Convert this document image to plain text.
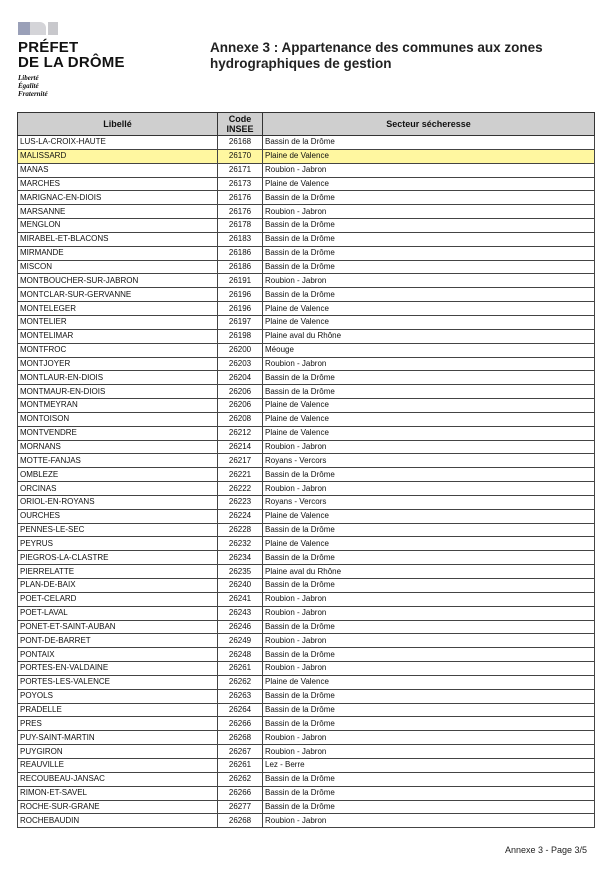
PRÉFET
DE LA DRÔME
Liberté
Égalité
Fraternité
Annexe 3 : Appartenance des communes aux zones
hydrographiques de gestion
Libellé	Code INSEE	Secteur sécheresse
LUS-LA-CROIX-HAUTE	26168	Bassin de la Drôme
MALISSARD	26170	Plaine de Valence
MANAS	26171	Roubion - Jabron
MARCHES	26173	Plaine de Valence
MARIGNAC-EN-DIOIS	26176	Bassin de la Drôme
MARSANNE	26176	Roubion - Jabron
MENGLON	26178	Bassin de la Drôme
MIRABEL-ET-BLACONS	26183	Bassin de la Drôme
MIRMANDE	26186	Bassin de la Drôme
MISCON	26186	Bassin de la Drôme
MONTBOUCHER-SUR-JABRON	26191	Roubion - Jabron
MONTCLAR-SUR-GERVANNE	26196	Bassin de la Drôme
MONTELEGER	26196	Plaine de Valence
MONTELIER	26197	Plaine de Valence
MONTELIMAR	26198	Plaine aval du Rhône
MONTFROC	26200	Méouge
MONTJOYER	26203	Roubion - Jabron
MONTLAUR-EN-DIOIS	26204	Bassin de la Drôme
MONTMAUR-EN-DIOIS	26206	Bassin de la Drôme
MONTMEYRAN	26206	Plaine de Valence
MONTOISON	26208	Plaine de Valence
MONTVENDRE	26212	Plaine de Valence
MORNANS	26214	Roubion - Jabron
MOTTE-FANJAS	26217	Royans - Vercors
OMBLEZE	26221	Bassin de la Drôme
ORCINAS	26222	Roubion - Jabron
ORIOL-EN-ROYANS	26223	Royans - Vercors
OURCHES	26224	Plaine de Valence
PENNES-LE-SEC	26228	Bassin de la Drôme
PEYRUS	26232	Plaine de Valence
PIEGROS-LA-CLASTRE	26234	Bassin de la Drôme
PIERRELATTE	26235	Plaine aval du Rhône
PLAN-DE-BAIX	26240	Bassin de la Drôme
POET-CELARD	26241	Roubion - Jabron
POET-LAVAL	26243	Roubion - Jabron
PONET-ET-SAINT-AUBAN	26246	Bassin de la Drôme
PONT-DE-BARRET	26249	Roubion - Jabron
PONTAIX	26248	Bassin de la Drôme
PORTES-EN-VALDAINE	26261	Roubion - Jabron
PORTES-LES-VALENCE	26262	Plaine de Valence
POYOLS	26263	Bassin de la Drôme
PRADELLE	26264	Bassin de la Drôme
PRES	26266	Bassin de la Drôme
PUY-SAINT-MARTIN	26268	Roubion - Jabron
PUYGIRON	26267	Roubion - Jabron
REAUVILLE	26261	Lez - Berre
RECOUBEAU-JANSAC	26262	Bassin de la Drôme
RIMON-ET-SAVEL	26266	Bassin de la Drôme
ROCHE-SUR-GRANE	26277	Bassin de la Drôme
ROCHEBAUDIN	26268	Roubion - Jabron
Annexe 3 - Page 3/5
